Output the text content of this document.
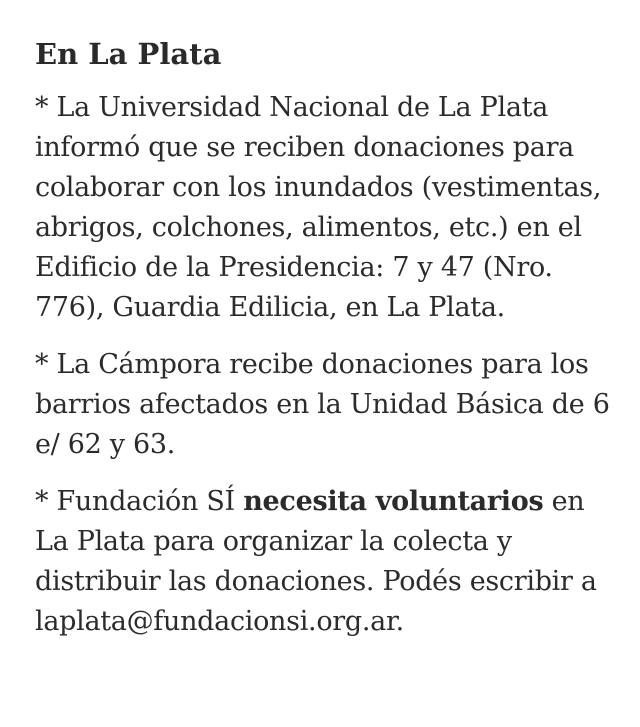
En La Plata

* La Universidad Nacional de La Plata informó que se reciben donaciones para colaborar con los inundados (vestimentas, abrigos, colchones, alimentos, etc.) en el Edificio de la Presidencia: 7 y 47 (Nro. 776), Guardia Edilicia, en La Plata.

* La Cámpora recibe donaciones para los barrios afectados en la Unidad Básica de 6 e/ 62 y 63.

* Fundación SÍ necesita voluntarios en La Plata para organizar la colecta y distribuir las donaciones. Podés escribir a laplata@fundacionsi.org.ar.
